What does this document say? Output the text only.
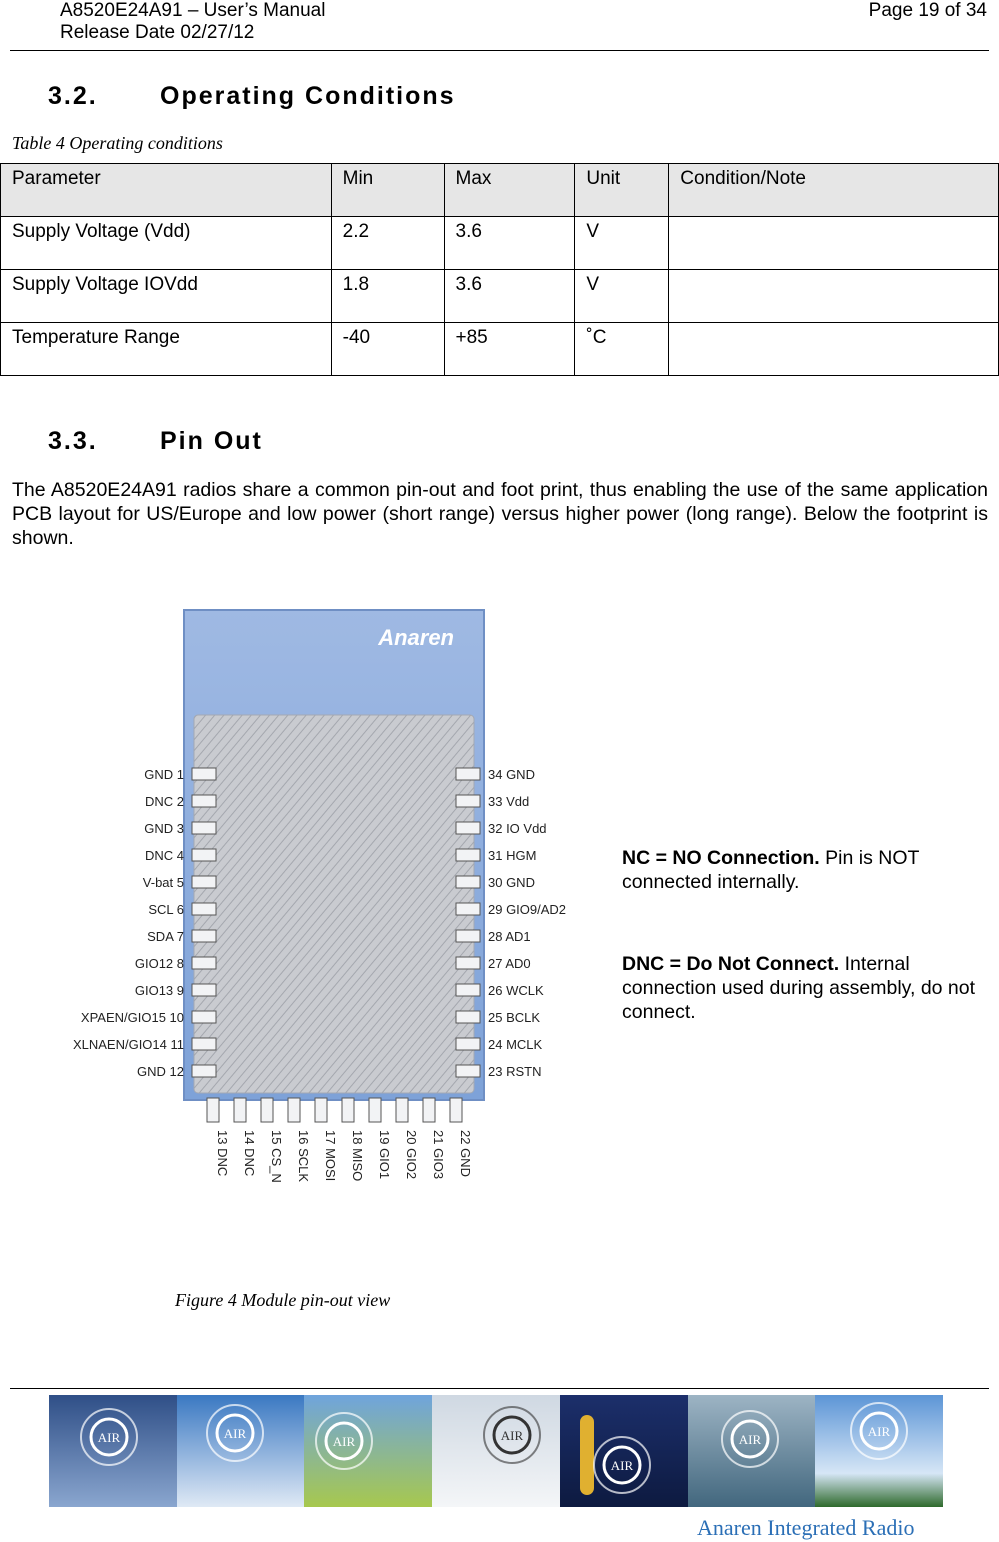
A8520E24A91 – User’s Manual
Release Date 02/27/12
Page 19 of 34
3.2. Operating Conditions
Table 4 Operating conditions
Parameter	Min	Max	Unit	Condition/Note
Supply Voltage (Vdd)	2.2	3.6	V	
Supply Voltage IOVdd	1.8	3.6	V	
Temperature Range	-40	+85	˚C	
3.3. Pin Out
The A8520E24A91 radios share a common pin-out and foot print, thus enabling the use of the same application PCB layout for US/Europe and low power (short range) versus higher power (long range). Below the footprint is shown.
Anaren
GND 1
DNC 2
GND 3
DNC 4
V-bat 5
SCL 6
SDA 7
GIO12 8
GIO13 9
XPAEN/GIO15 10
XLNAEN/GIO14 11
GND 12
34 GND
33 Vdd
32 IO Vdd
31 HGM
30 GND
29 GIO9/AD2
28 AD1
27 AD0
26 WCLK
25 BCLK
24 MCLK
23 RSTN
13 DNC 14 DNC 15 CS_N 16 SCLK 17 MOSI 18 MISO 19 GIO1 20 GIO2 21 GIO3 22 GND
NC = NO Connection. Pin is NOT connected internally.
DNC = Do Not Connect. Internal connection used during assembly, do not connect.
Figure 4 Module pin-out view
AIR	AIR
AIR	AIR
AIR
AIR
AIR
Anaren Integrated Radio
